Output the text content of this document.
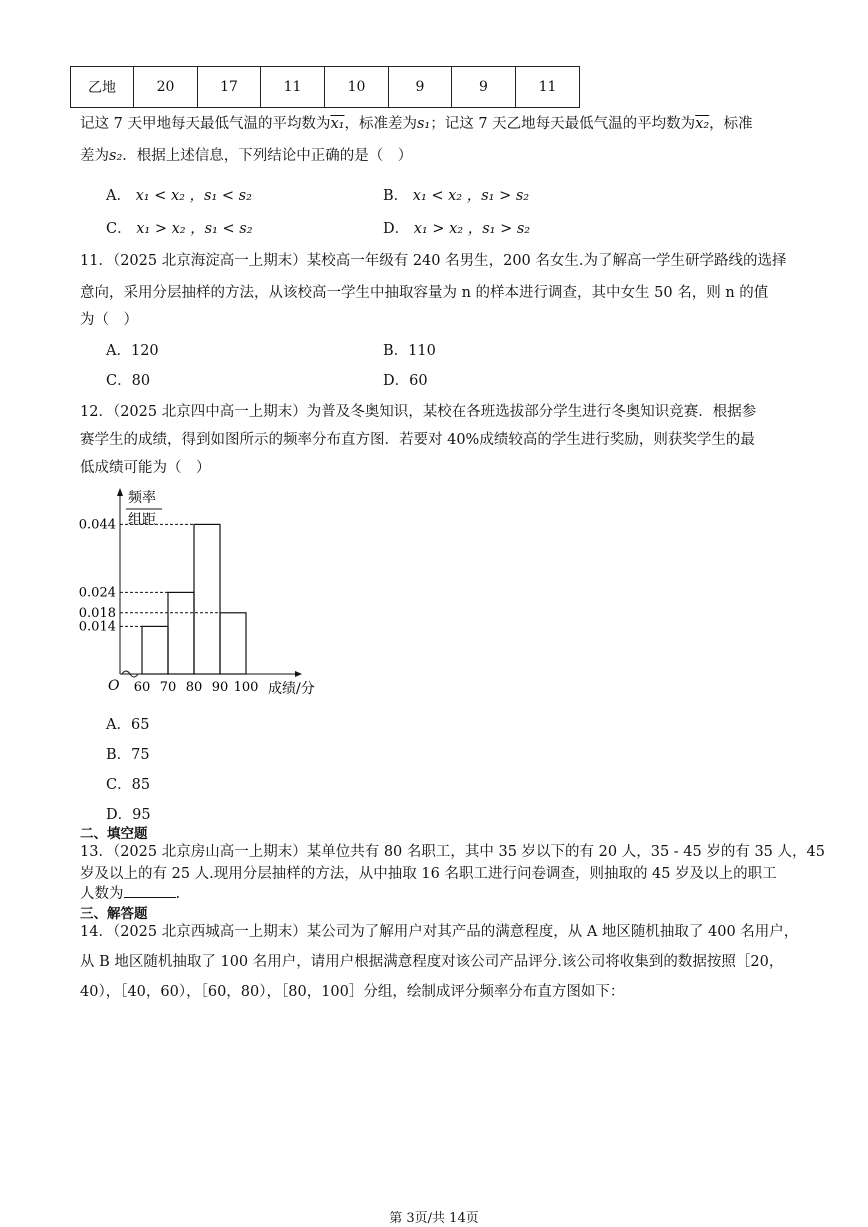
乙地	20	17	11	10	9	9	11
记这 7 天甲地每天最低气温的平均数为x₁，标准差为s₁；记这 7 天乙地每天最低气温的平均数为x₂，标准
差为s₂．根据上述信息，下列结论中正确的是（　）
A． x₁ < x₂ ，s₁ < s₂	B． x₁ < x₂ ，s₁ > s₂
C． x₁ > x₂ ，s₁ < s₂	D． x₁ > x₂ ，s₁ > s₂
11．（2025 北京海淀高一上期末）某校高一年级有 240 名男生，200 名女生.为了解高一学生研学路线的选择
意向，采用分层抽样的方法，从该校高一学生中抽取容量为 n 的样本进行调查，其中女生 50 名，则 n 的值
为（　）
A．120	B．110
C．80	D．60
12．（2025 北京四中高一上期末）为普及冬奥知识，某校在各班选拔部分学生进行冬奥知识竞赛．根据参
赛学生的成绩，得到如图所示的频率分布直方图．若要对 40%成绩较高的学生进行奖励，则获奖学生的最
低成绩可能为（　）
频率
组距
0.044
0.024
0.018
0.014
60 70 80 90 100
O	成绩/分
A．65
B．75
C．85
D．95
二、填空题
13．（2025 北京房山高一上期末）某单位共有 80 名职工，其中 35 岁以下的有 20 人，35 - 45 岁的有 35 人，45
岁及以上的有 25 人.现用分层抽样的方法，从中抽取 16 名职工进行问卷调查，则抽取的 45 岁及以上的职工
人数为	.
三、解答题
14．（2025 北京西城高一上期末）某公司为了解用户对其产品的满意程度，从 A 地区随机抽取了 400 名用户，
从 B 地区随机抽取了 100 名用户，请用户根据满意程度对该公司产品评分.该公司将收集到的数据按照［20，
40），［40，60），［60，80），［80，100］分组，绘制成评分频率分布直方图如下：
第 3页/共 14页
